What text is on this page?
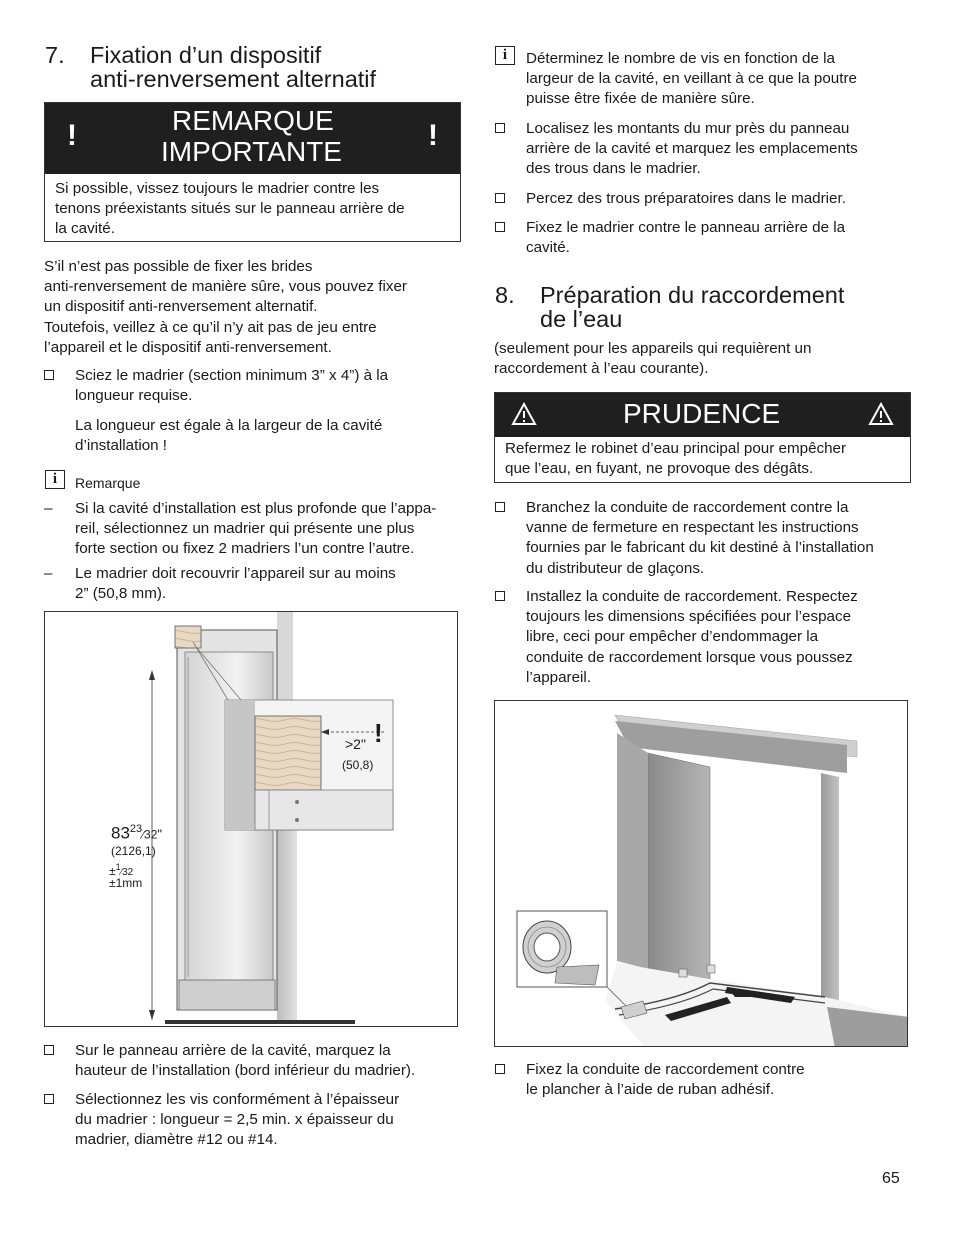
7. Fixation d’un dispositif
anti-renversement alternatif
!	REMARQUE
IMPORTANTE	!
Si possible, vissez toujours le madrier contre les
tenons préexistants situés sur le panneau arrière de
la cavité.
S’il n’est pas possible de fixer les brides
anti-renversement de manière sûre, vous pouvez fixer
un dispositif anti-renversement alternatif.
Toutefois, veillez à ce qu’il n’y ait pas de jeu entre
l’appareil et le dispositif anti-renversement.
Sciez le madrier (section minimum 3” x 4”) à la
longueur requise.
La longueur est égale à la largeur de la cavité
d’installation !
i	Remarque
– Si la cavité d’installation est plus profonde que l’appa-
reil, sélectionnez un madrier qui présente une plus
forte section ou fixez 2 madriers l’un contre l’autre.
– Le madrier doit recouvrir l’appareil sur au moins
2” (50,8 mm).
>2" !
(50,8)
$83^{23}⁄32$"
(2126,1)
±$^1$⁄32
±1mm
Sur le panneau arrière de la cavité, marquez la
hauteur de l’installation (bord inférieur du madrier).
Sélectionnez les vis conformément à l’épaisseur
du madrier : longueur = 2,5 min. x épaisseur du
madrier, diamètre #12 ou #14.
i	Déterminez le nombre de vis en fonction de la
largeur de la cavité, en veillant à ce que la poutre
puisse être fixée de manière sûre.
Localisez les montants du mur près du panneau
arrière de la cavité et marquez les emplacements
des trous dans le madrier.
Percez des trous préparatoires dans le madrier.
Fixez le madrier contre le panneau arrière de la
cavité.
8. Préparation du raccordement
de l’eau
(seulement pour les appareils qui requièrent un
raccordement à l’eau courante).
PRUDENCE
Refermez le robinet d’eau principal pour empêcher
que l’eau, en fuyant, ne provoque des dégâts.
Branchez la conduite de raccordement contre la
vanne de fermeture en respectant les instructions
fournies par le fabricant du kit destiné à l’installation
du distributeur de glaçons.
Installez la conduite de raccordement. Respectez
toujours les dimensions spécifiées pour l’espace
libre, ceci pour empêcher d’endommager la
conduite de raccordement lorsque vous poussez
l’appareil.
Fixez la conduite de raccordement contre
le plancher à l’aide de ruban adhésif.
65
